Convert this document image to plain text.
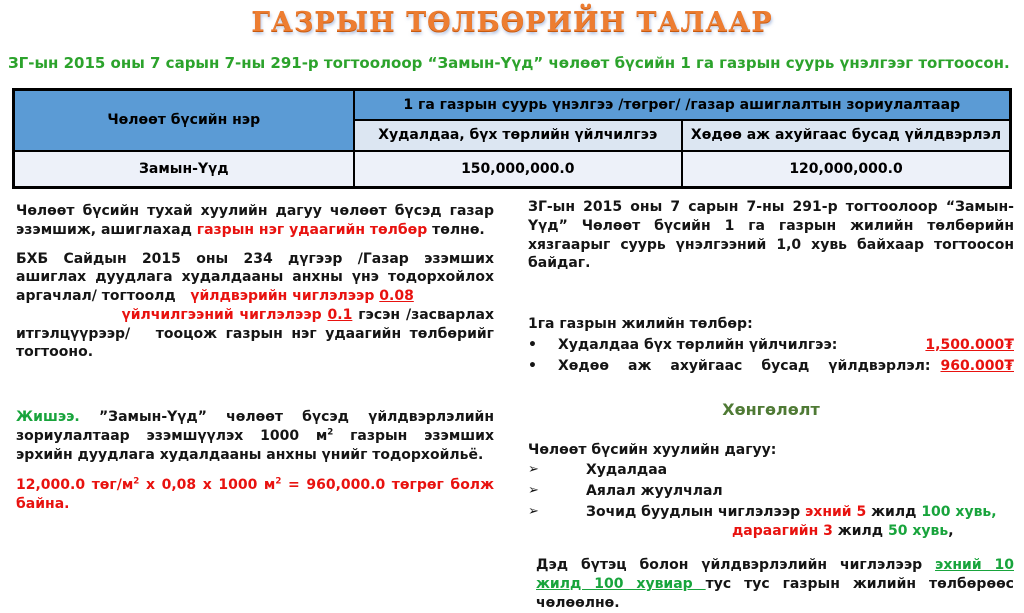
ГАЗРЫН ТӨЛБӨРИЙН ТАЛААР
ЗГ-ын 2015 оны 7 сарын 7-ны 291-р тогтоолоор “Замын-Үүд” чөлөөт бүсийн 1 га газрын суурь үнэлгээг тогтоосон.
Чөлөөт бүсийн нэр	1 га газрын суурь үнэлгээ /төгрөг/ /газар ашиглалтын зориулалтаар	
	Худалдаа, бүх төрлийн үйлчилгээ	Хөдөө аж ахуйгаас бусад үйлдвэрлэл
Замын-Үүд	150,000,000.0	120,000,000.0
Чөлөөт бүсийн тухай хуулийн дагуу чөлөөт бүсэд газар эзэмшиж, ашиглахад газрын нэг удаагийн төлбөр төлнө.
БХБ Сайдын 2015 оны 234 дүгээр /Газар эзэмших ашиглах дуудлага худалдааны анхны үнэ тодорхойлох аргачлал/ тогтоолд   үйлдвэрийн чиглэлээр 0.08
үйлчилгээний чиглэлээр 0.1 гэсэн /засварлах итгэлцүүрээр/   тооцож газрын нэг удаагийн төлбөрийг тогтооно.
Жишээ. ”Замын-Үүд” чөлөөт бүсэд үйлдвэрлэлийн зориулалтаар эзэмшүүлэх 1000 $м^2$ газрын эзэмших эрхийн дуудлага худалдааны анхны үнийг тодорхойльё.
12,000.0 төг/$м^2$ х 0,08 х 1000 $м^2 = 960,000.0$ төгрөг болж байна.
ЗГ-ын 2015 оны 7 сарын 7-ны 291-р тогтоолоор “Замын-Үүд” Чөлөөт бүсийн 1 га газрын жилийн төлбөрийн хязгаарыг суурь үнэлгээний 1,0 хувь байхаар тогтоосон байдаг.
1га газрын жилийн төлбөр:
•	Худалдаа бүх төрлийн үйлчилгээ:	1,500.000₮
•	Хөдөө аж ахуйгаас бусад үйлдвэрлэл: 960.000₮
Хөнгөлөлт
Чөлөөт бүсийн хуулийн дагуу:
➢	Худалдаа
➢	Аялал жуулчлал
➢	Зочид буудлын чиглэлээр эхний 5 жилд 100 хувь,
дараагийн 3 жилд 50 хувь,
Дэд бүтэц болон үйлдвэрлэлийн чиглэлээр эхний 10 жилд 100 хувиар тус тус газрын жилийн төлбөрөөс чөлөөлнө.
